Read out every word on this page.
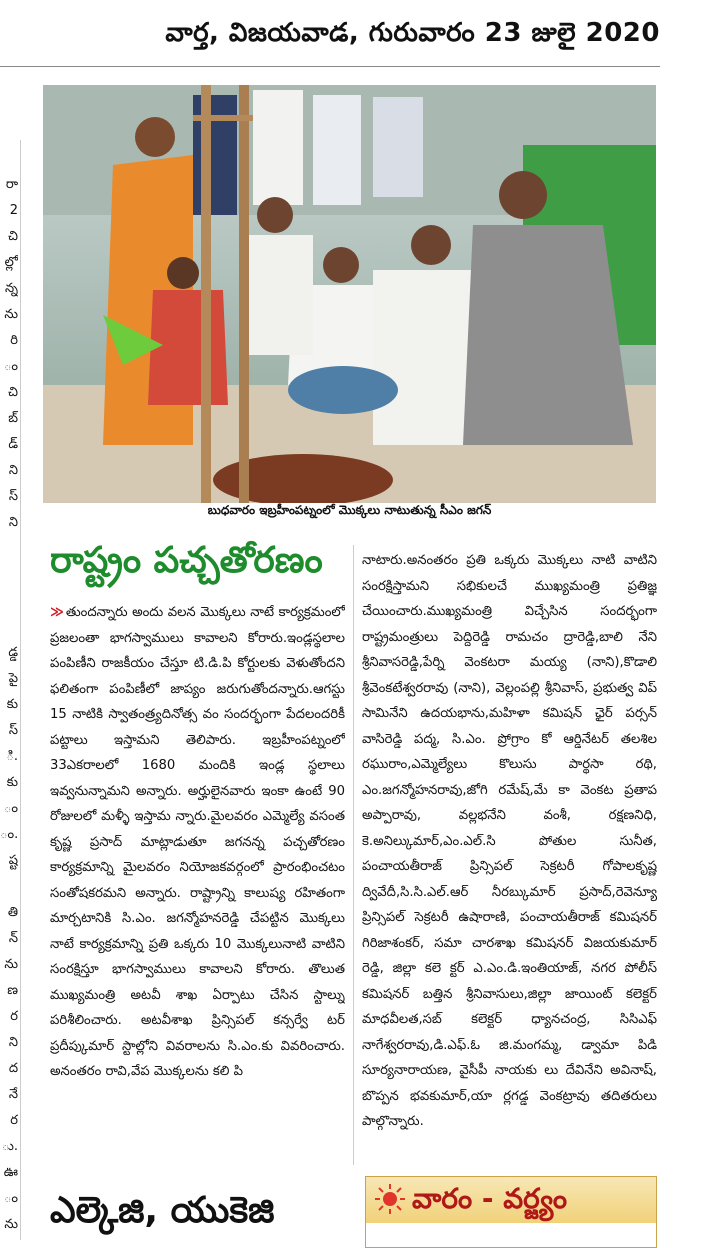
వార్త, విజయవాడ, గురువారం 23 జులై 2020
రా
2
చి
ల్లో
న్న
ను
రి
ం
చి
బ్
డ్
ని
స్
ని
డ్డ
పై
కు
స్
ి.
కు
ం
ం.
ష్ట

తి
న్
ను
ణ
ర
ని
ద
నే
ర
ు.
ఊ
ం
ను
బుధవారం ఇబ్రహీంపట్నంలో మొక్కలు నాటుతున్న సీఎం జగన్
రాష్ట్రం పచ్చతోరణం

≫ తుందన్నారు అందు వలన మొక్కలు నాటే కార్యక్రమంలో ప్రజలంతా భాగస్వాములు కావాలని కోరారు.ఇండ్లస్థలాల పంపిణీని రాజకీయం చేస్తూ టి.డి.పి కోర్టులకు వెళుతోందని ఫలితంగా పంపిణీలో జాప్యం జరుగుతోందన్నారు.ఆగస్టు 15 నాటికి స్వాతంత్ర్యదినోత్స వం సందర్భంగా పేదలందరికీ పట్టాలు ఇస్తామని తెలిపారు. ఇబ్రహీంపట్నంలో 33ఎకరాలలో 1680 మందికి ఇండ్ల స్థలాలు ఇవ్వనున్నామని అన్నారు. అర్హులైనవారు ఇంకా ఉంటే 90 రోజులలో మళ్ళీ ఇస్తామ న్నారు.మైలవరం ఎమ్మెల్యే వసంత కృష్ణ ప్రసాద్ మాట్లాడుతూ జగనన్న పచ్చతోరణం కార్యక్రమాన్ని మైలవరం నియోజకవర్గంలో ప్రారంభించటం సంతోషకరమని అన్నారు. రాష్ట్రాన్ని కాలుష్య రహితంగా మార్చటానికి సి.ఎం. జగన్మోహనరెడ్డి చేపట్టిన మొక్కలు నాటే కార్యక్రమాన్ని ప్రతి ఒక్కరు 10 మొక్కలునాటి వాటిని సంరక్షిస్తూ భాగస్వాములు కావాలని కోరారు. తొలుత ముఖ్యమంత్రి అటవీ శాఖ ఏర్పాటు చేసిన స్టాల్ను పరిశీలించారు. అటవీశాఖ ప్రిన్సిపల్ కన్సర్వే టర్ ప్రదీప్కుమార్ స్టాల్లోని వివరాలను సి.ఎం.కు వివరించారు. అనంతరం రావి,వేప మొక్కలను కలి పి

నాటారు.అనంతరం ప్రతి ఒక్కరు మొక్కలు నాటి వాటిని సంరక్షిస్తామని సభికులచే ముఖ్యమంత్రి ప్రతిజ్ఞ చేయించారు.ముఖ్యమంత్రి విచ్చేసిన సందర్భంగా రాష్ట్రమంత్రులు పెద్దిరెడ్డి రామచం ద్రారెడ్డి,బాలి నేని శ్రీనివాసరెడ్డి,పేర్ని వెంకటరా మయ్య (నాని),కొడాలి శ్రీవెంకటేశ్వరరావు (నాని), వెల్లంపల్లి శ్రీనివాస్, ప్రభుత్వ విప్ సామినేని ఉదయభాను,మహిళా కమిషన్ ఛైర్ పర్సన్ వాసిరెడ్డి పద్మ, సి.ఎం. ప్రోగ్రాం కో ఆర్డినేటర్ తలశిల రఘురాం,ఎమ్మెల్యేలు కొలుసు పార్థసా రథి, ఎం.జగన్మోహనరావు,జోగి రమేష్,మే కా వెంకట ప్రతాప అప్పారావు, వల్లభనేని వంశీ, రక్షణనిధి, కె.అనిల్కుమార్,ఎం.ఎల్.సి పోతుల సునీత, పంచాయతీరాజ్ ప్రిన్సిపల్ సెక్రటరీ గోపాలకృష్ణ ద్వివేదీ,సి.సి.ఎల్.ఆర్ నీరబ్కుమార్ ప్రసాద్,రెవెన్యూ ప్రిన్సిపల్ సెక్రటరీ ఉషారాణి, పంచాయతీరాజ్ కమిషనర్ గిరిజాశంకర్, సమా చారశాఖ కమిషనర్ విజయకుమార్ రెడ్డి, జిల్లా కలె క్టర్ ఎ.ఎం.డి.ఇంతియాజ్, నగర పోలీస్ కమిషనర్ బత్తిన శ్రీనివాసులు,జిల్లా జాయింట్ కలెక్టర్ మాధవీలత,సబ్ కలెక్టర్ ధ్యానచంద్ర, సిసిఎఫ్ నాగేశ్వరరావు,డి.ఎఫ్.ఓ జి.మంగమ్మ, డ్వామా పిడి సూర్యనారాయణ, వైసీపీ నాయకు లు దేవినేని అవినాష్, బొప్పన భవకుమార్,యా ర్లగడ్డ వెంకట్రావు తదితరులు పాల్గొన్నారు.

ఎల్కెజి, యుకెజి	వారం - వర్జ్యం
